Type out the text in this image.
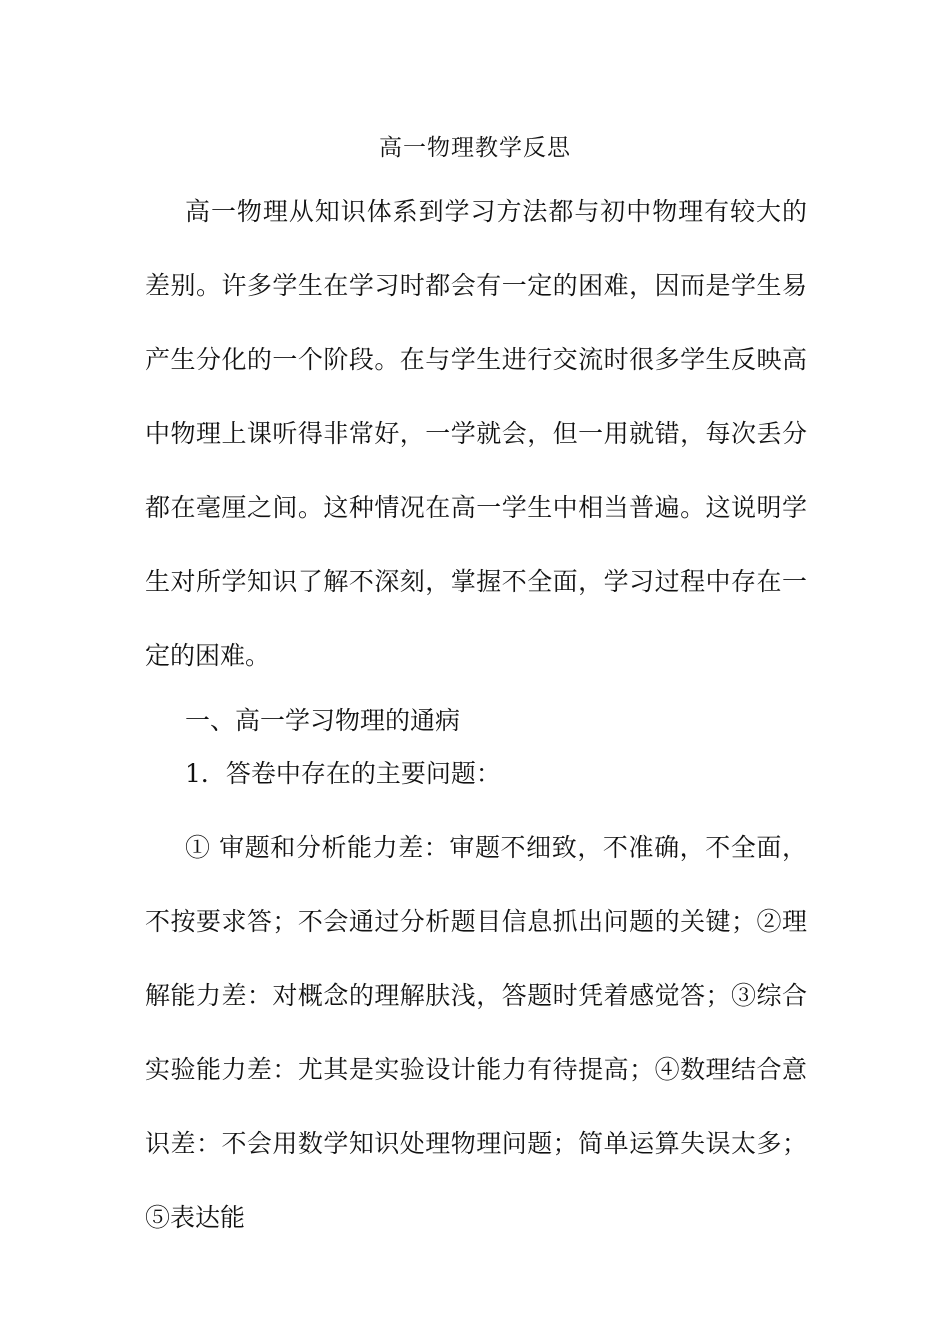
高一物理教学反思

高一物理从知识体系到学习方法都与初中物理有较大的差别。许多学生在学习时都会有一定的困难，因而是学生易产生分化的一个阶段。在与学生进行交流时很多学生反映高中物理上课听得非常好，一学就会，但一用就错，每次丢分都在毫厘之间。这种情况在高一学生中相当普遍。这说明学生对所学知识了解不深刻，掌握不全面，学习过程中存在一定的困难。

一、高一学习物理的通病

1．答卷中存在的主要问题：

① 审题和分析能力差：审题不细致，不准确，不全面，不按要求答；不会通过分析题目信息抓出问题的关键；②理解能力差：对概念的理解肤浅，答题时凭着感觉答；③综合实验能力差：尤其是实验设计能力有待提高；④数理结合意识差：不会用数学知识处理物理问题；简单运算失误太多；⑤表达能
